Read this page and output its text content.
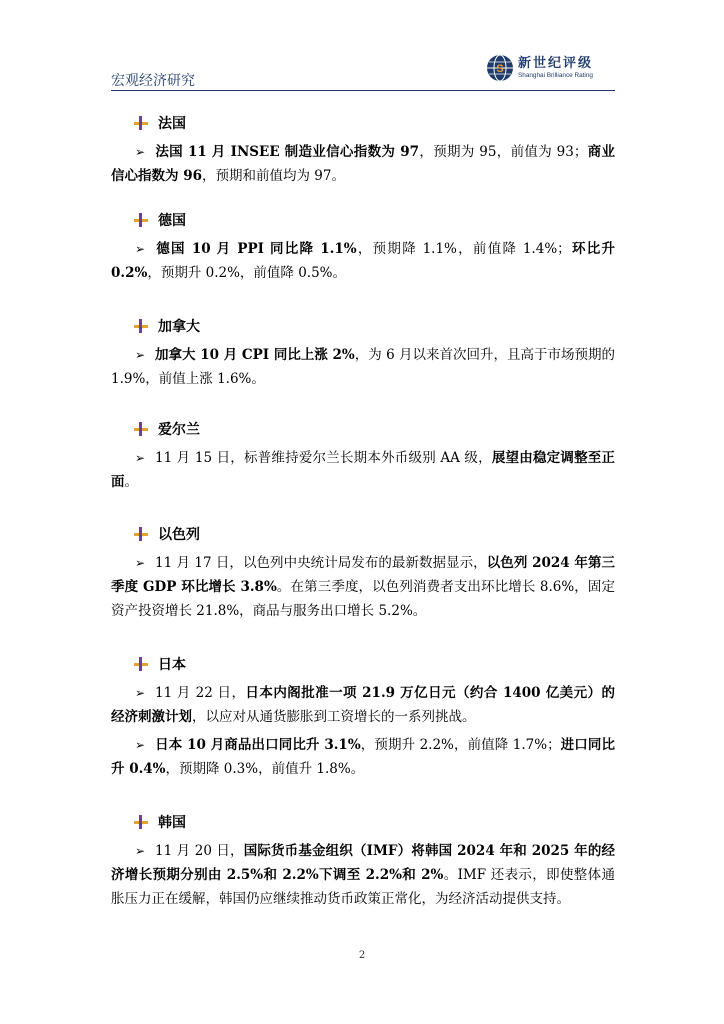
宏观经济研究
S 新世纪评级
Shanghai Brilliance Rating
法国

➢ 法国 11 月 INSEE 制造业信心指数为 97，预期为 95，前值为 93；商业信心指数为 96，预期和前值均为 97。

德国

➢ 德国 10 月 PPI 同比降 1.1%，预期降 1.1%，前值降 1.4%；环比升 0.2%，预期升 0.2%，前值降 0.5%。

加拿大

➢ 加拿大 10 月 CPI 同比上涨 2%，为 6 月以来首次回升，且高于市场预期的 1.9%，前值上涨 1.6%。

爱尔兰

➢ 11 月 15 日，标普维持爱尔兰长期本外币级别 AA 级，展望由稳定调整至正面。

以色列

➢ 11 月 17 日，以色列中央统计局发布的最新数据显示，以色列 2024 年第三季度 GDP 环比增长 3.8%。在第三季度，以色列消费者支出环比增长 8.6%，固定资产投资增长 21.8%，商品与服务出口增长 5.2%。

日本

➢ 11 月 22 日，日本内阁批准一项 21.9 万亿日元（约合 1400 亿美元）的经济刺激计划，以应对从通货膨胀到工资增长的一系列挑战。

➢ 日本 10 月商品出口同比升 3.1%，预期升 2.2%，前值降 1.7%；进口同比升 0.4%，预期降 0.3%，前值升 1.8%。

韩国

➢ 11 月 20 日，国际货币基金组织（IMF）将韩国 2024 年和 2025 年的经济增长预期分别由 2.5%和 2.2%下调至 2.2%和 2%。IMF 还表示，即使整体通胀压力正在缓解，韩国仍应继续推动货币政策正常化，为经济活动提供支持。

2
